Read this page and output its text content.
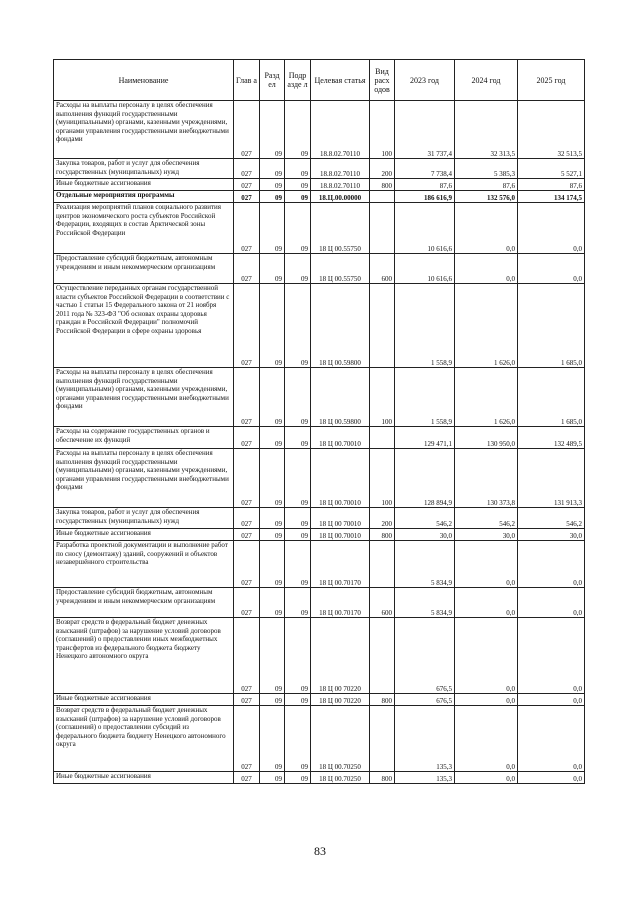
Наименование	Глав а	Разд ел	Подр азде л	Целевая статья	Вид расх одов	2023 год	2024 год	2025 год
Расходы на выплаты персоналу в целях обеспечения выполнения функций государственными (муниципальными) органами, казенными учреждениями, органами управления государственными внебюджетными фондами	027	09	09	18.8.02.70110	100	31 737,4	32 313,5	32 513,5
Закупка товаров, работ и услуг для обеспечения государственных (муниципальных) нужд	027	09	09	18.8.02.70110	200	7 738,4	5 385,3	5 527,1
Иные бюджетные ассигнования	027	09	09	18.8.02.70110	800	87,6	87,6	87,6
Отдельные мероприятия программы	027	09	09	18.Ц.00.00000		186 616,9	132 576,0	134 174,5
Реализация мероприятий планов социального развития центров экономического роста субъектов Российской Федерации, входящих в состав Арктической зоны Российской Федерации	027	09	09	18 Ц 00.55750		10 616,6	0,0	0,0
Предоставление субсидий бюджетным, автономным учреждениям и иным некоммерческим организациям	027	09	09	18 Ц 00.55750	600	10 616,6	0,0	0,0
Осуществление переданных органам государственной власти субъектов Российской Федерации в соответствии с частью 1 статьи 15 Федерального закона от 21 ноября 2011 года № 323-ФЗ "Об основах охраны здоровья граждан в Российской Федерации" полномочий Российской Федерации в сфере охраны здоровья	027	09	09	18 Ц 00.59800		1 558,9	1 626,0	1 685,0
Расходы на выплаты персоналу в целях обеспечения выполнения функций государственными (муниципальными) органами, казенными учреждениями, органами управления государственными внебюджетными фондами	027	09	09	18 Ц 00.59800	100	1 558,9	1 626,0	1 685,0
Расходы на содержание государственных органов и обеспечение их функций	027	09	09	18 Ц 00.70010		129 471,1	130 950,0	132 489,5
Расходы на выплаты персоналу в целях обеспечения выполнения функций государственными (муниципальными) органами, казенными учреждениями, органами управления государственными внебюджетными фондами	027	09	09	18 Ц 00.70010	100	128 894,9	130 373,8	131 913,3
Закупка товаров, работ и услуг для обеспечения государственных (муниципальных) нужд	027	09	09	18 Ц 00 70010	200	546,2	546,2	546,2
Иные бюджетные ассигнования	027	09	09	18 Ц 00.70010	800	30,0	30,0	30,0
Разработка проектной документации и выполнение работ по сносу (демонтажу) зданий, сооружений и объектов незавершённого строительства	027	09	09	18 Ц 00.70170		5 834,9	0,0	0,0
Предоставление субсидий бюджетным, автономным учреждениям и иным некоммерческим организациям	027	09	09	18 Ц 00.70170	600	5 834,9	0,0	0,0
Возврат средств в федеральный бюджет денежных взысканий (штрафов) за нарушение условий договоров (соглашений) о предоставлении иных межбюджетных трансфертов из федерального бюджета бюджету Ненецкого автономного округа	027	09	09	18 Ц 00 70220		676,5	0,0	0,0
Иные бюджетные ассигнования	027	09	09	18 Ц 00 70220	800	676,5	0,0	0,0
Возврат средств в федеральный бюджет денежных взысканий (штрафов) за нарушение условий договоров (соглашений) о предоставлении субсидий из федерального бюджета бюджету Ненецкого автономного округа	027	09	09	18 Ц 00.70250		135,3	0,0	0,0
Иные бюджетные ассигнования	027	09	09	18 Ц 00.70250	800	135,3	0,0	0,0
83
